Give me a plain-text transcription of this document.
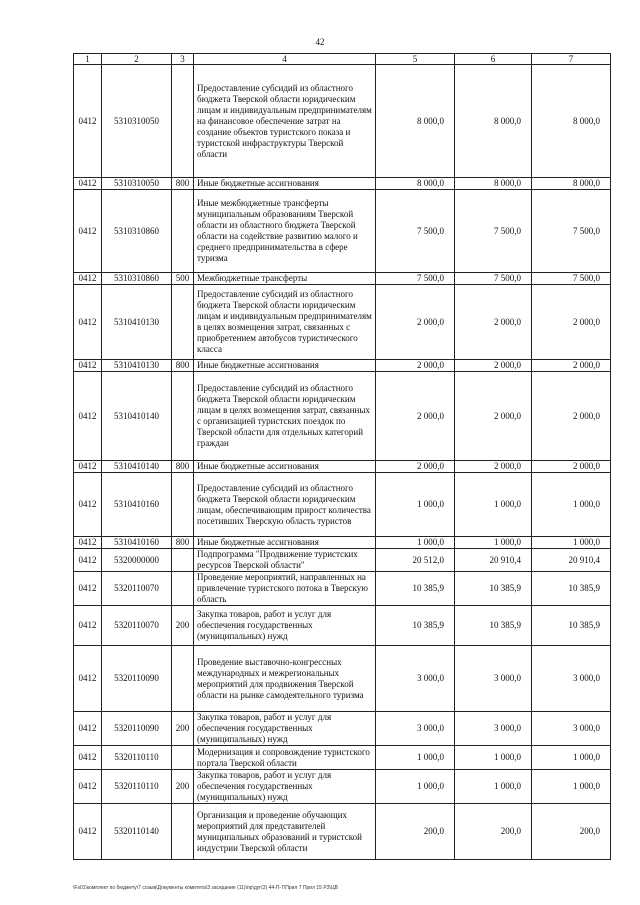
42
1	2	3	4	5	6	7
0412	5310310050		Предоставление субсидий из областного бюджета Тверской области юридическим лицам и индивидуальным предпринимателям на финансовое обеспечение затрат на создание объектов туристского показа и туристской инфраструктуры Тверской области	8 000,0	8 000,0	8 000,0
0412	5310310050	800	Иные бюджетные ассигнования	8 000,0	8 000,0	8 000,0
0412	5310310860		Иные межбюджетные трансферты муниципальным образованиям Тверской области из областного бюджета Тверской области на содействие развитию малого и среднего предпринимательства в сфере туризма	7 500,0	7 500,0	7 500,0
0412	5310310860	500	Межбюджетные трансферты	7 500,0	7 500,0	7 500,0
0412	5310410130		Предоставление субсидий из областного бюджета Тверской области юридическим лицам и индивидуальным предпринимателям в целях возмещения затрат, связанных с приобретением автобусов туристического класса	2 000,0	2 000,0	2 000,0
0412	5310410130	800	Иные бюджетные ассигнования	2 000,0	2 000,0	2 000,0
0412	5310410140		Предоставление субсидий из областного бюджета Тверской области юридическим лицам в целях возмещения затрат, связанных с организацией туристских поездок по Тверской области для отдельных категорий граждан	2 000,0	2 000,0	2 000,0
0412	5310410140	800	Иные бюджетные ассигнования	2 000,0	2 000,0	2 000,0
0412	5310410160		Предоставление субсидий из областного бюджета Тверской области юридическим лицам, обеспечивающим прирост количества посетивших Тверскую область туристов	1 000,0	1 000,0	1 000,0
0412	5310410160	800	Иные бюджетные ассигнования	1 000,0	1 000,0	1 000,0
0412	5320000000		Подпрограмма "Продвижение туристских ресурсов Тверской области"	20 512,0	20 910,4	20 910,4
0412	5320110070		Проведение мероприятий, направленных на привлечение туристского потока в Тверскую область	10 385,9	10 385,9	10 385,9
0412	5320110070	200	Закупка товаров, работ и услуг для обеспечения государственных (муниципальных) нужд	10 385,9	10 385,9	10 385,9
0412	5320110090		Проведение выставочно-конгрессных международных и межрегиональных мероприятий для продвижения Тверской области на рынке самодеятельного туризма	3 000,0	3 000,0	3 000,0
0412	5320110090	200	Закупка товаров, работ и услуг для обеспечения государственных (муниципальных) нужд	3 000,0	3 000,0	3 000,0
0412	5320110110		Модернизация и сопровождение туристского портала Тверской области	1 000,0	1 000,0	1 000,0
0412	5320110110	200	Закупка товаров, работ и услуг для обеспечения государственных (муниципальных) нужд	1 000,0	1 000,0	1 000,0
0412	5320110140		Организация и проведение обучающих мероприятий для представителей муниципальных образований и туристской индустрии Тверской области	200,0	200,0	200,0
\Fs01\комплект по бюджету\7 созыв\Документы комитета\3 заседание (11)\пр\дуг(3) 44-П-7\Прил 7 Прил 15 Р3\ЦВ
